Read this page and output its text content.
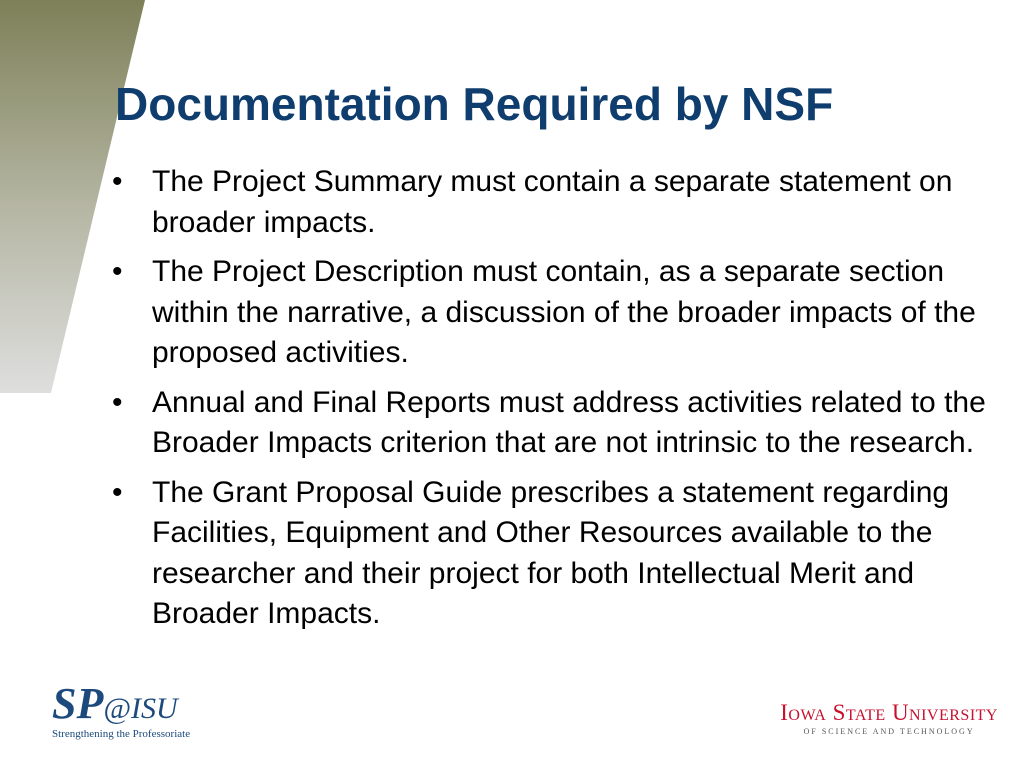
Documentation Required by NSF
• The Project Summary must contain a separate statement on broader impacts.
• The Project Description must contain, as a separate section within the narrative, a discussion of the broader impacts of the proposed activities.
• Annual and Final Reports must address activities related to the Broader Impacts criterion that are not intrinsic to the research.
• The Grant Proposal Guide prescribes a statement regarding Facilities, Equipment and Other Resources available to the researcher and their project for both Intellectual Merit and Broader Impacts.
SP@ISU
Strengthening the Professoriate
Iowa State University
OF SCIENCE AND TECHNOLOGY
